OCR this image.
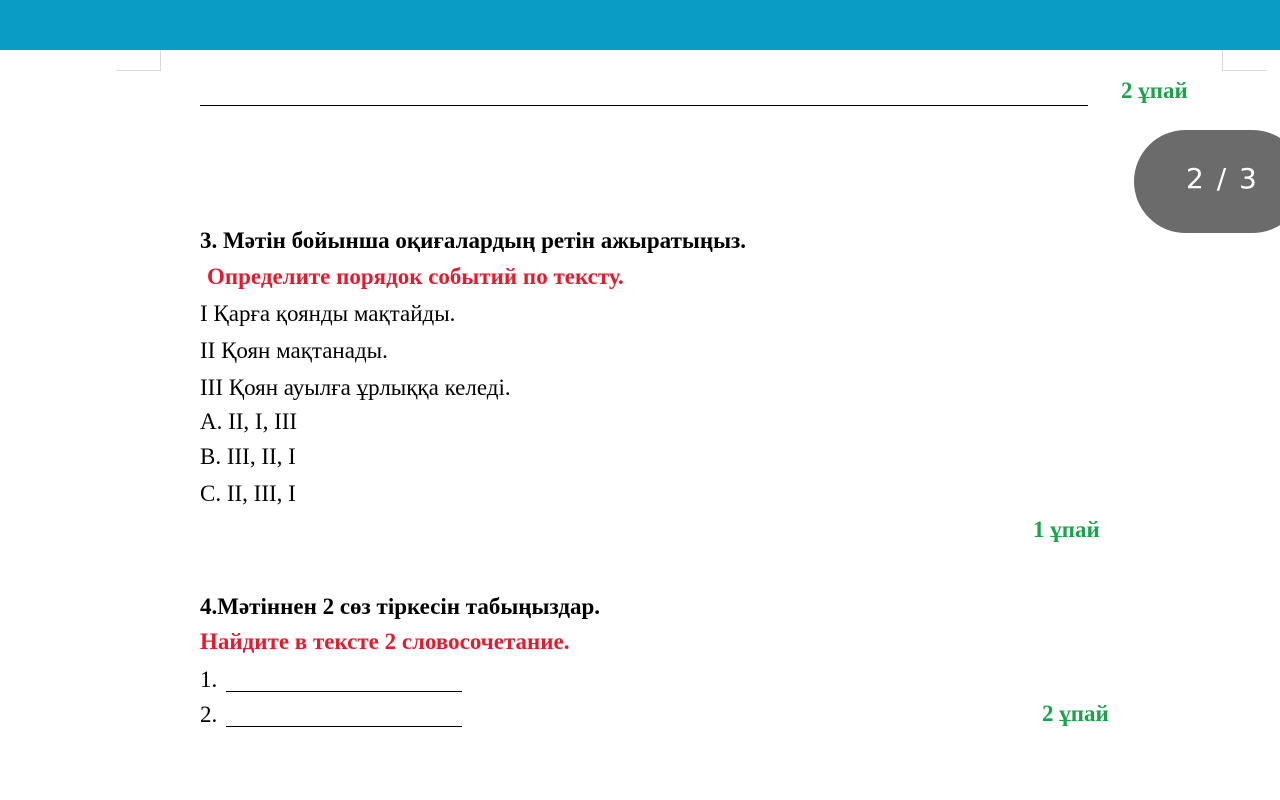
2 ұпай
3. Мәтін бойынша оқиғалардың ретін ажыратыңыз.
Определите порядок событий по тексту.
I Қарға қоянды мақтайды.
II Қоян мақтанады.
III Қоян ауылға ұрлыққа келеді.
A. II, I, III
B. III, II, I
C. II, III, I
1 ұпай
4.Мәтіннен 2 сөз тіркесін табыңыздар.
Найдите в тексте 2 словосочетание.
1.
2.	2 ұпай
2 / 3
